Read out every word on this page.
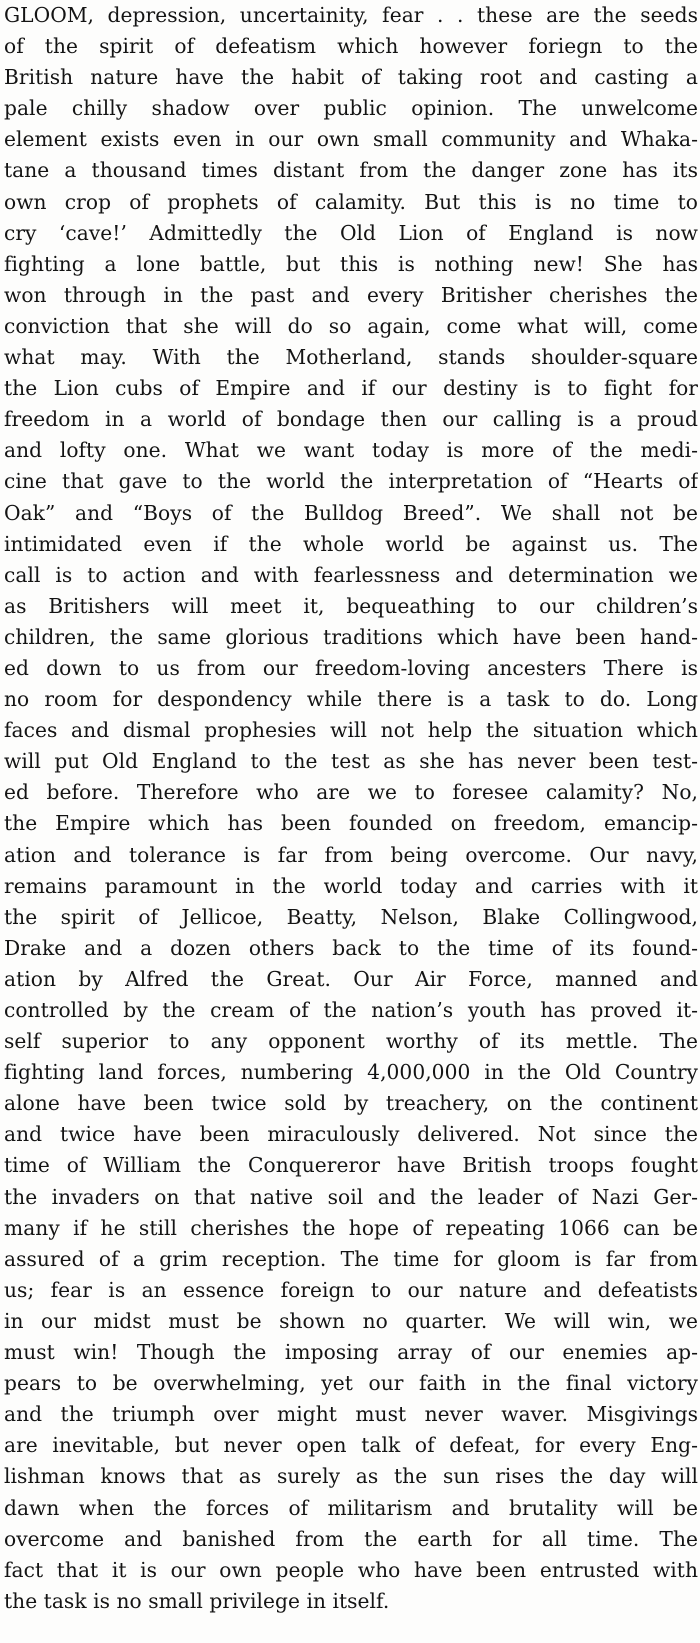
GLOOM, depression, uncertainity, fear . . these are the seeds
of the spirit of defeatism which however foriegn to the
British nature have the habit of taking root and casting a
pale chilly shadow over public opinion. The unwelcome
element exists even in our own small community and Whaka-
tane a thousand times distant from the danger zone has its
own crop of prophets of calamity. But this is no time to
cry ‘cave!’ Admittedly the Old Lion of England is now
fighting a lone battle, but this is nothing new! She has
won through in the past and every Britisher cherishes the
conviction that she will do so again, come what will, come
what may. With the Motherland, stands shoulder-square
the Lion cubs of Empire and if our destiny is to fight for
freedom in a world of bondage then our calling is a proud
and lofty one. What we want today is more of the medi-
cine that gave to the world the interpretation of “Hearts of
Oak” and “Boys of the Bulldog Breed”. We shall not be
intimidated even if the whole world be against us. The
call is to action and with fearlessness and determination we
as Britishers will meet it, bequeathing to our children’s
children, the same glorious traditions which have been hand-
ed down to us from our freedom-loving ancesters There is
no room for despondency while there is a task to do. Long
faces and dismal prophesies will not help the situation which
will put Old England to the test as she has never been test-
ed before. Therefore who are we to foresee calamity? No,
the Empire which has been founded on freedom, emancip-
ation and tolerance is far from being overcome. Our navy,
remains paramount in the world today and carries with it
the spirit of Jellicoe, Beatty, Nelson, Blake Collingwood,
Drake and a dozen others back to the time of its found-
ation by Alfred the Great. Our Air Force, manned and
controlled by the cream of the nation’s youth has proved it-
self superior to any opponent worthy of its mettle. The
fighting land forces, numbering 4,000,000 in the Old Country
alone have been twice sold by treachery, on the continent
and twice have been miraculously delivered. Not since the
time of William the Conquereror have British troops fought
the invaders on that native soil and the leader of Nazi Ger-
many if he still cherishes the hope of repeating 1066 can be
assured of a grim reception. The time for gloom is far from
us; fear is an essence foreign to our nature and defeatists
in our midst must be shown no quarter. We will win, we
must win! Though the imposing array of our enemies ap-
pears to be overwhelming, yet our faith in the final victory
and the triumph over might must never waver. Misgivings
are inevitable, but never open talk of defeat, for every Eng-
lishman knows that as surely as the sun rises the day will
dawn when the forces of militarism and brutality will be
overcome and banished from the earth for all time. The
fact that it is our own people who have been entrusted with
the task is no small privilege in itself.
